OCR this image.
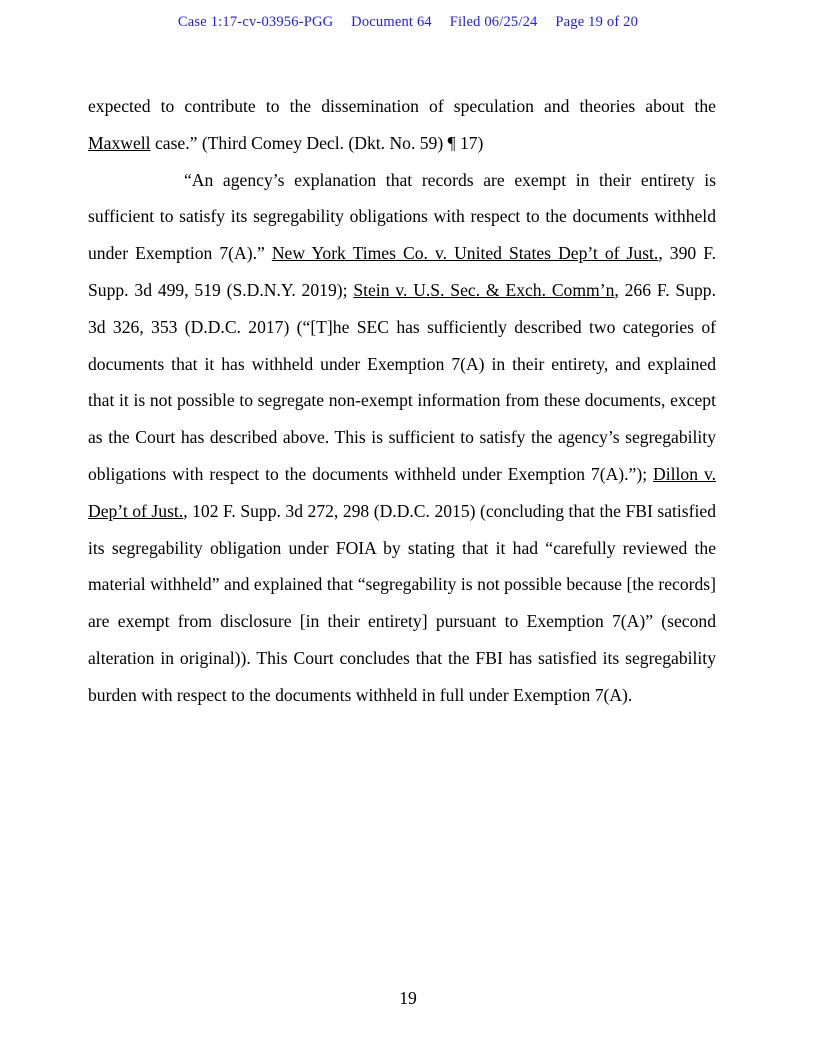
Case 1:17-cv-03956-PGG Document 64 Filed 06/25/24 Page 19 of 20

expected to contribute to the dissemination of speculation and theories about the Maxwell case.” (Third Comey Decl. (Dkt. No. 59) ¶ 17)

“An agency’s explanation that records are exempt in their entirety is sufficient to satisfy its segregability obligations with respect to the documents withheld under Exemption 7(A).” New York Times Co. v. United States Dep’t of Just., 390 F. Supp. 3d 499, 519 (S.D.N.Y. 2019); Stein v. U.S. Sec. & Exch. Comm’n, 266 F. Supp. 3d 326, 353 (D.D.C. 2017) (“[T]he SEC has sufficiently described two categories of documents that it has withheld under Exemption 7(A) in their entirety, and explained that it is not possible to segregate non-exempt information from these documents, except as the Court has described above. This is sufficient to satisfy the agency’s segregability obligations with respect to the documents withheld under Exemption 7(A).”); Dillon v. Dep’t of Just., 102 F. Supp. 3d 272, 298 (D.D.C. 2015) (concluding that the FBI satisfied its segregability obligation under FOIA by stating that it had “carefully reviewed the material withheld” and explained that “segregability is not possible because [the records] are exempt from disclosure [in their entirety] pursuant to Exemption 7(A)” (second alteration in original)). This Court concludes that the FBI has satisfied its segregability burden with respect to the documents withheld in full under Exemption 7(A).

19
